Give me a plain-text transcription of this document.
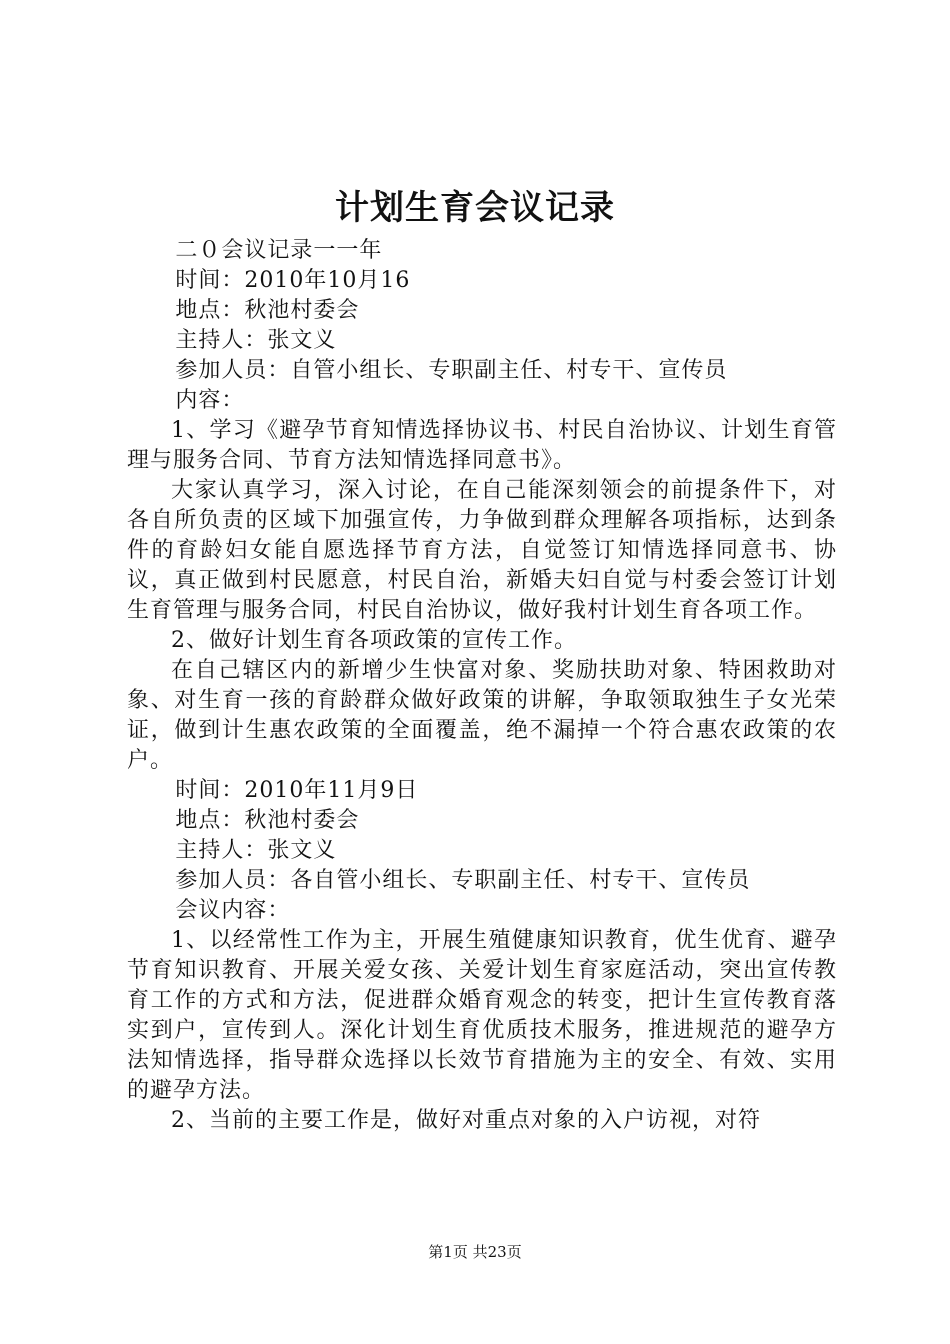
计划生育会议记录

二０会议记录一一年

时间：2010年10月16

地点：秋池村委会

主持人：张文义

参加人员：自管小组长、专职副主任、村专干、宣传员

内容：

1、学习《避孕节育知情选择协议书、村民自治协议、计划生育管理与服务合同、节育方法知情选择同意书》。

大家认真学习，深入讨论，在自己能深刻领会的前提条件下，对各自所负责的区域下加强宣传，力争做到群众理解各项指标，达到条件的育龄妇女能自愿选择节育方法，自觉签订知情选择同意书、协议，真正做到村民愿意，村民自治，新婚夫妇自觉与村委会签订计划生育管理与服务合同，村民自治协议，做好我村计划生育各项工作。

2、做好计划生育各项政策的宣传工作。

在自己辖区内的新增少生快富对象、奖励扶助对象、特困救助对象、对生育一孩的育龄群众做好政策的讲解，争取领取独生子女光荣证，做到计生惠农政策的全面覆盖，绝不漏掉一个符合惠农政策的农户。

时间：2010年11月9日

地点：秋池村委会

主持人：张文义

参加人员：各自管小组长、专职副主任、村专干、宣传员

会议内容：

1、以经常性工作为主，开展生殖健康知识教育，优生优育、避孕节育知识教育、开展关爱女孩、关爱计划生育家庭活动，突出宣传教育工作的方式和方法，促进群众婚育观念的转变，把计生宣传教育落实到户，宣传到人。深化计划生育优质技术服务，推进规范的避孕方法知情选择，指导群众选择以长效节育措施为主的安全、有效、实用的避孕方法。

2、当前的主要工作是，做好对重点对象的入户访视，对符

第1页 共23页
